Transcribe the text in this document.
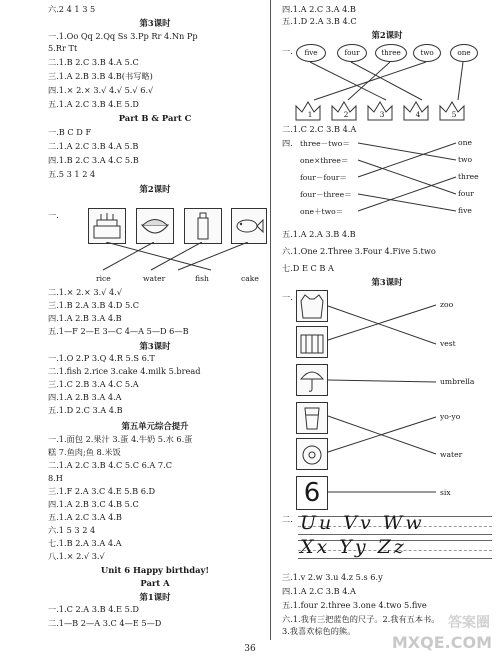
六.2 4 1 3 5
第3课时
一.1.Oo Qq 2.Qq Ss 3.Pp Rr 4.Nn Pp
5.Rr Tt
二.1.B 2.C 3.B 4.A 5.C
三.1.A 2.B 3.B 4.B(书写略)
四.1.× 2.× 3.√ 4.√ 5.√ 6.√
五.1.A 2.C 3.B 4.E 5.D
Part B & Part C
一.B C D F
二.1.A 2.C 3.B 4.A 5.B
四.1.B 2.C 3.A 4.C 5.B
五.5 3 1 2 4
第2课时
一.
rice	water	fish	cake
二.1.× 2.× 3.√ 4.√
三.1.B 2.A 3.B 4.D 5.C
四.1.A 2.B 3.A 4.B
五.1—F 2—E 3—C 4—A 5—D 6—B
第3课时
一.1.O 2.P 3.Q 4.R 5.S 6.T
二.1.fish 2.rice 3.cake 4.milk 5.bread
三.1.C 2.B 3.A 4.C 5.A
四.1.A 2.B 3.A 4.A
五.1.D 2.C 3.A 4.B
第五单元综合提升
一.1.面包 2.果汁 3.蛋 4.牛奶 5.水 6.蛋
糕 7.鱼肉;鱼 8.米饭
二.1.A 2.C 3.B 4.C 5.C 6.A 7.C
8.H
三.1.F 2.A 3.C 4.E 5.B 6.D
四.1.A 2.B 3.C 4.B 5.C
五.1.A 2.C 3.A 4.B
六.1 5 3 2 4
七.1.B 2.A 3.A 4.A
八.1.× 2.√ 3.√
Unit 6 Happy birthday!
Part A
第1课时
一.1.C 2.A 3.B 4.E 5.D
二.1—B 2—A 3.C 4—E 5—D
四.1.A 2.C 3.A 4.B
五.1.D 2.A 3.B 4.C
第2课时
一.	five	four	three	two	one
1	2	3	4	5
二.1.C 2.C 3.B 4.A
四. three－two＝
one×three＝
four－four＝
four－three＝
one＋two＝
one
two
three
four
five
五.1.A 2.A 3.B 4.B
六.1.One 2.Three 3.Four 4.Five 5.two
七.D E C B A
第3课时
一.
6
zoo
vest
umbrella
yo-yo
water
six
二. Uu Vv Ww
Xx Yy Zz
三.1.v 2.w 3.u 4.z 5.s 6.y
四.1.A 2.C 3.B 4.A
五.1.four 2.three 3.one 4.two 5.five
六.1.我有三把蓝色的尺子。2.我有五本书。
3.我喜欢棕色的熊。
36
答案圈
MXQE.COM
